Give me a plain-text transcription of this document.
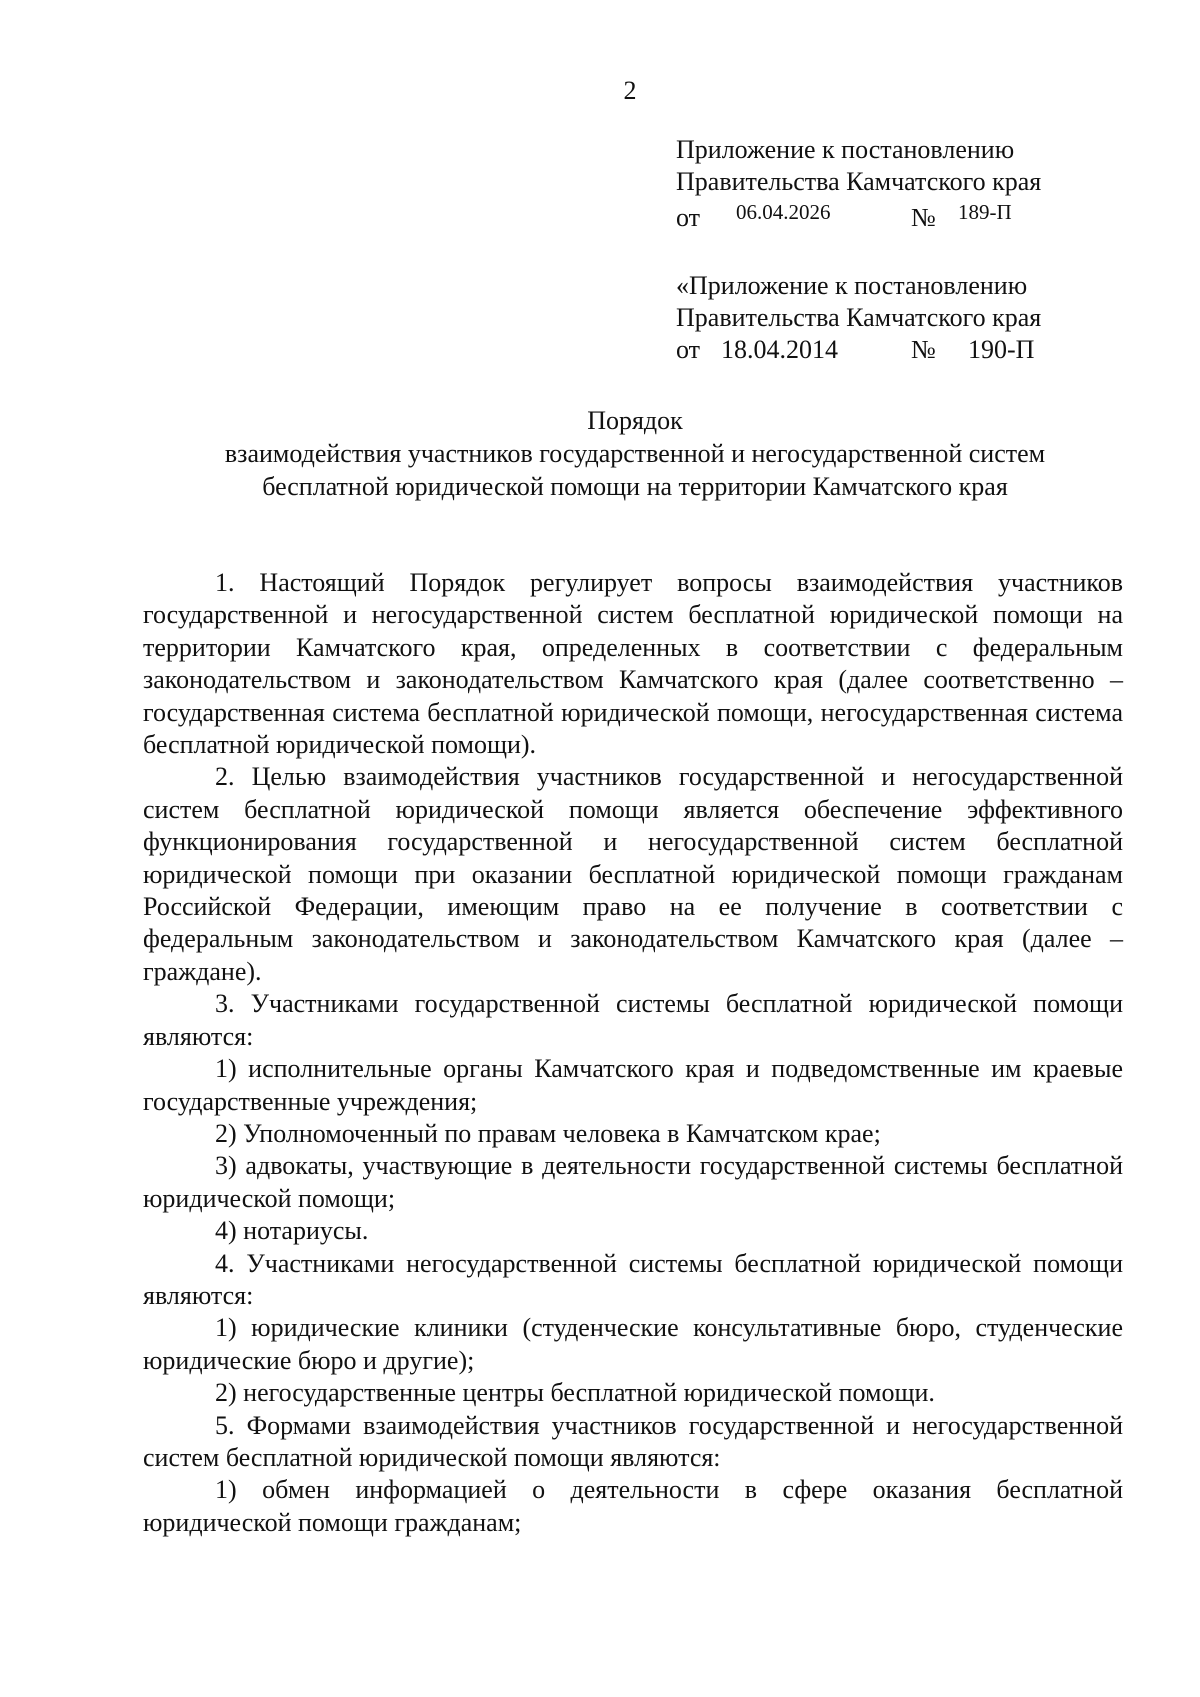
2
Приложение к постановлению
Правительства Камчатского края
от 06.04.2026	№ 189-П
«Приложение к постановлению
Правительства Камчатского края
от 18.04.2014	№ 190-П
Порядок
взаимодействия участников государственной и негосударственной систем
бесплатной юридической помощи на территории Камчатского края

1. Настоящий Порядок регулирует вопросы взаимодействия участников государственной и негосударственной систем бесплатной юридической помощи на территории Камчатского края, определенных в соответствии с федеральным законодательством и законодательством Камчатского края (далее соответственно – государственная система бесплатной юридической помощи, негосударственная система бесплатной юридической помощи).

2. Целью взаимодействия участников государственной и негосударственной систем бесплатной юридической помощи является обеспечение эффективного функционирования государственной и негосударственной систем бесплатной юридической помощи при оказании бесплатной юридической помощи гражданам Российской Федерации, имеющим право на ее получение в соответствии с федеральным законодательством и законодательством Камчатского края (далее – граждане).

3. Участниками государственной системы бесплатной юридической помощи являются:

1) исполнительные органы Камчатского края и подведомственные им краевые государственные учреждения;

2) Уполномоченный по правам человека в Камчатском крае;

3) адвокаты, участвующие в деятельности государственной системы бесплатной юридической помощи;

4) нотариусы.

4. Участниками негосударственной системы бесплатной юридической помощи являются:

1) юридические клиники (студенческие консультативные бюро, студенческие юридические бюро и другие);

2) негосударственные центры бесплатной юридической помощи.

5. Формами взаимодействия участников государственной и негосударственной систем бесплатной юридической помощи являются:

1) обмен информацией о деятельности в сфере оказания бесплатной юридической помощи гражданам;
